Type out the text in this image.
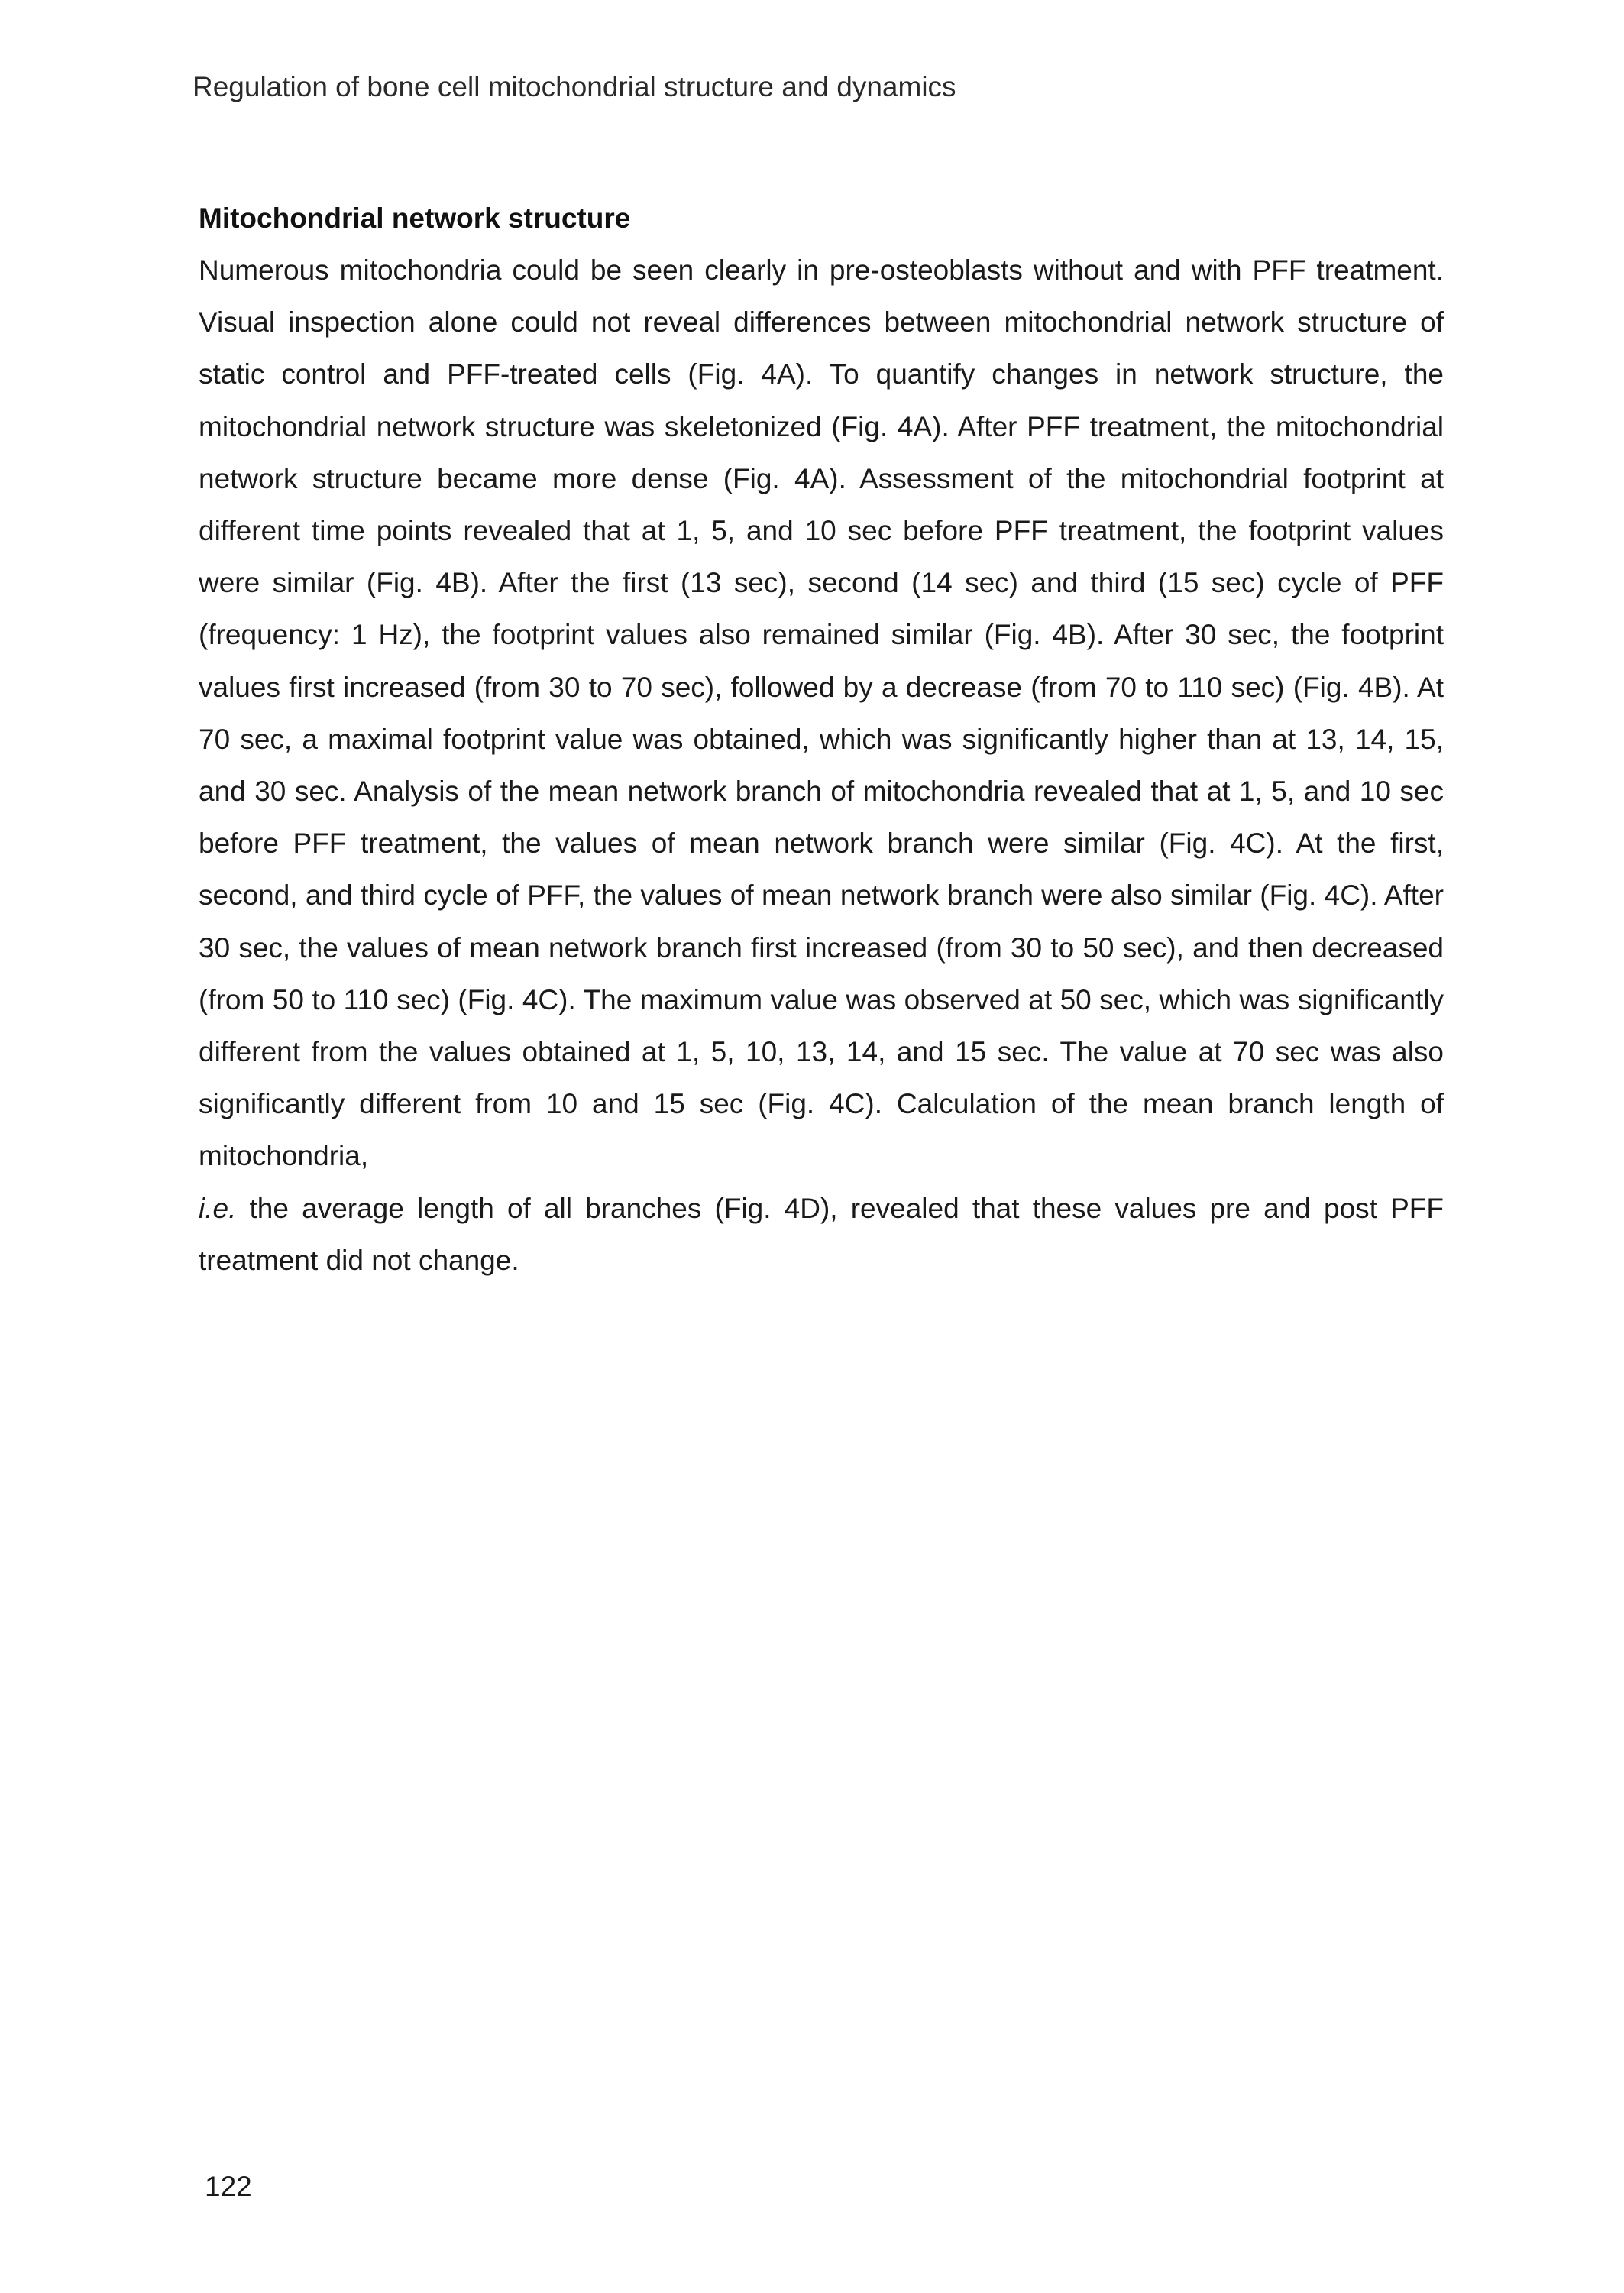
Regulation of bone cell mitochondrial structure and dynamics
Mitochondrial network structure

Numerous mitochondria could be seen clearly in pre-osteoblasts without and with PFF treatment. Visual inspection alone could not reveal differences between mitochondrial network structure of static control and PFF-treated cells (Fig. 4A). To quantify changes in network structure, the mitochondrial network structure was skeletonized (Fig. 4A). After PFF treatment, the mitochondrial network structure became more dense (Fig. 4A). Assessment of the mitochondrial footprint at different time points revealed that at 1, 5, and 10 sec before PFF treatment, the footprint values were similar (Fig. 4B). After the first (13 sec), second (14 sec) and third (15 sec) cycle of PFF (frequency: 1 Hz), the footprint values also remained similar (Fig. 4B). After 30 sec, the footprint values first increased (from 30 to 70 sec), followed by a decrease (from 70 to 110 sec) (Fig. 4B). At 70 sec, a maximal footprint value was obtained, which was significantly higher than at 13, 14, 15, and 30 sec. Analysis of the mean network branch of mitochondria revealed that at 1, 5, and 10 sec before PFF treatment, the values of mean network branch were similar (Fig. 4C). At the first, second, and third cycle of PFF, the values of mean network branch were also similar (Fig. 4C). After 30 sec, the values of mean network branch first increased (from 30 to 50 sec), and then decreased (from 50 to 110 sec) (Fig. 4C). The maximum value was observed at 50 sec, which was significantly different from the values obtained at 1, 5, 10, 13, 14, and 15 sec. The value at 70 sec was also significantly different from 10 and 15 sec (Fig. 4C). Calculation of the mean branch length of mitochondria,
i.e. the average length of all branches (Fig. 4D), revealed that these values pre and post PFF treatment did not change.

122
